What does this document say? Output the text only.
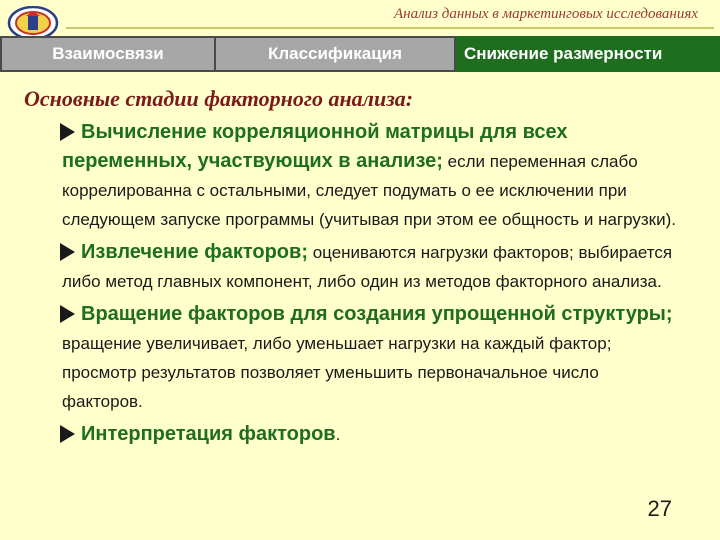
Анализ данных в маркетинговых исследованиях
Взаимосвязи	Классификация	Снижение размерности
Основные стадии факторного анализа:
Вычисление корреляционной матрицы для всех переменных, участвующих в анализе; если переменная слабо коррелированна с остальными, следует подумать о ее исключении при следующем запуске программы (учитывая при этом ее общность и нагрузки).
Извлечение факторов; оцениваются нагрузки факторов; выбирается либо метод главных компонент, либо один из методов факторного анализа.
Вращение факторов для создания упрощенной структуры; вращение увеличивает, либо уменьшает нагрузки на каждый фактор; просмотр результатов позволяет уменьшить первоначальное число факторов.
Интерпретация факторов.
27
